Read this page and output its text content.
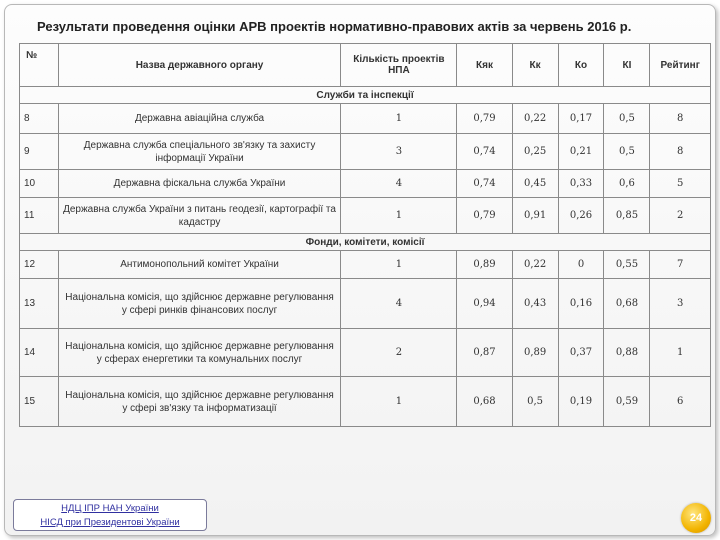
Результати проведення оцінки АРВ проектів нормативно-правових актів за червень 2016 р.
№	Назва державного органу	Кількість проектів НПА	Кяк	Кк	Ко	КІ	Рейтинг
Служби та інспекції							
8	Державна авіаційна служба	1	0,79	0,22	0,17	0,5	8
9	Державна служба спеціального зв'язку та захисту інформації України	3	0,74	0,25	0,21	0,5	8
10	Державна фіскальна служба України	4	0,74	0,45	0,33	0,6	5
11	Державна служба України з питань геодезії, картографії та кадастру	1	0,79	0,91	0,26	0,85	2
Фонди, комітети, комісії							
12	Антимонопольний комітет України	1	0,89	0,22	0	0,55	7
13	Національна комісія, що здійснює державне регулювання у сфері ринків фінансових послуг	4	0,94	0,43	0,16	0,68	3
14	Національна комісія, що здійснює державне регулювання у сферах енергетики та комунальних послуг	2	0,87	0,89	0,37	0,88	1
15	Національна комісія, що здійснює державне регулювання у сфері зв'язку та інформатизації	1	0,68	0,5	0,19	0,59	6
НДЦ ІПР НАН України
НІСД при Президентові України	24
